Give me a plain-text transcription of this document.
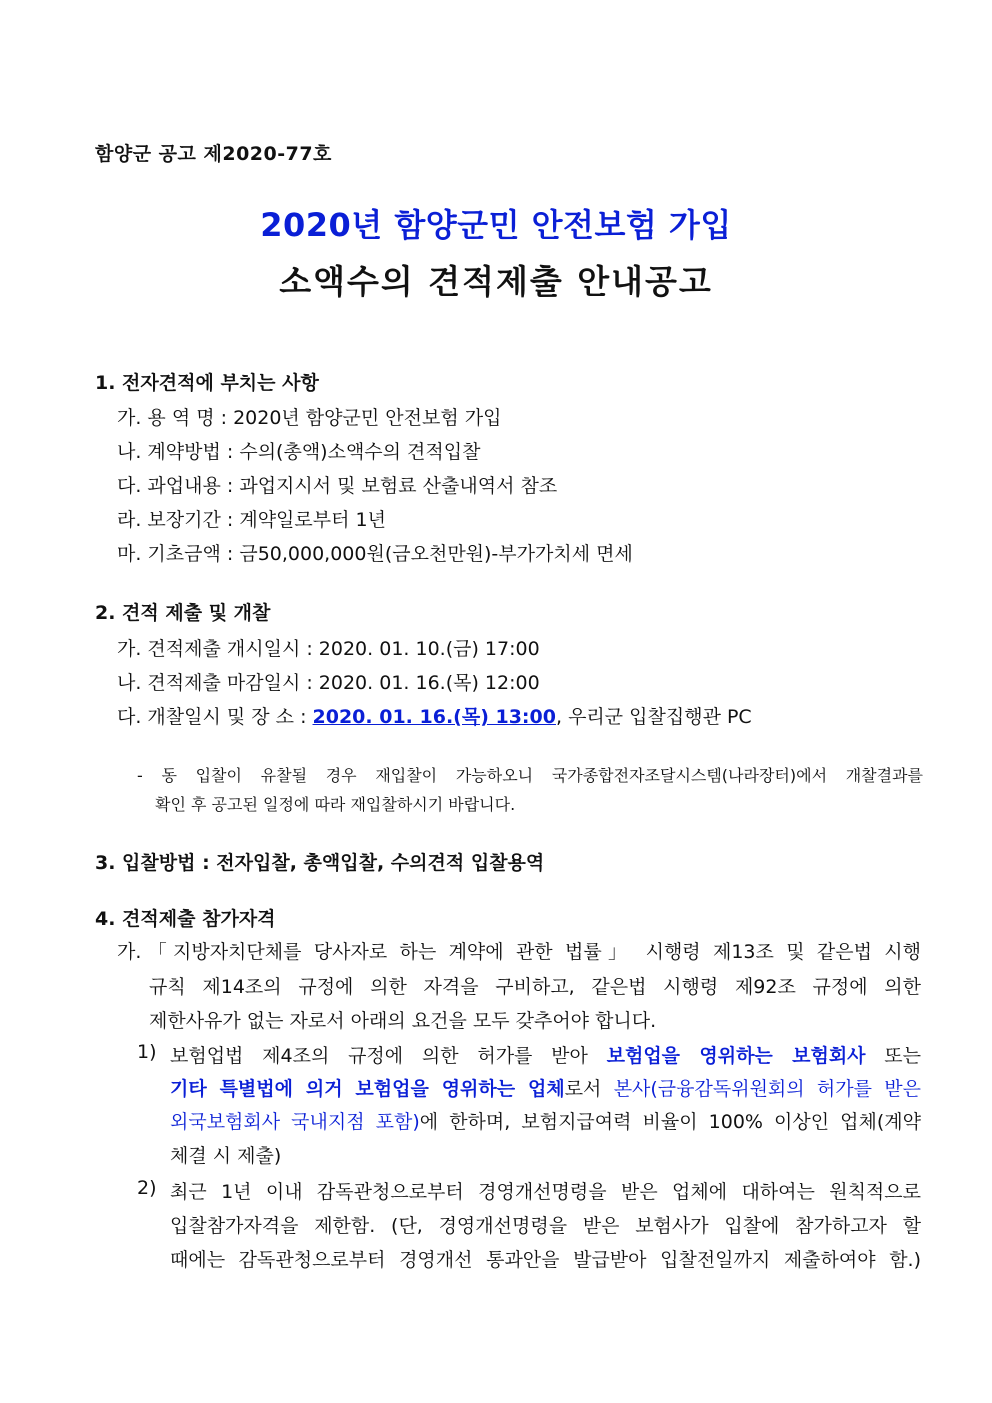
함양군 공고 제2020-77호
2020년 함양군민 안전보험 가입
소액수의 견적제출 안내공고
1. 전자견적에 부치는 사항
가. 용 역 명 : 2020년 함양군민 안전보험 가입
나. 계약방법 : 수의(총액)소액수의 견적입찰
다. 과업내용 : 과업지시서 및 보험료 산출내역서 참조
라. 보장기간 : 계약일로부터 1년
마. 기초금액 : 금50,000,000원(금오천만원)-부가가치세 면세
2. 견적 제출 및 개찰
가. 견적제출 개시일시 : 2020. 01. 10.(금) 17:00
나. 견적제출 마감일시 : 2020. 01. 16.(목) 12:00
다. 개찰일시 및 장 소 : 2020. 01. 16.(목) 13:00, 우리군 입찰집행관 PC
- 동 입찰이 유찰될 경우 재입찰이 가능하오니 국가종합전자조달시스템(나라장터)에서 개찰결과를
확인 후 공고된 일정에 따라 재입찰하시기 바랍니다.
3. 입찰방법 : 전자입찰, 총액입찰, 수의견적 입찰용역
4. 견적제출 참가자격
가.「지방자치단체를 당사자로 하는 계약에 관한 법률」 시행령 제13조 및 같은법 시행
규칙 제14조의 규정에 의한 자격을 구비하고, 같은법 시행령 제92조 규정에 의한
제한사유가 없는 자로서 아래의 요건을 모두 갖추어야 합니다.
1) 보험업법 제4조의 규정에 의한 허가를 받아 보험업을 영위하는 보험회사 또는
기타 특별법에 의거 보험업을 영위하는 업체로서 본사(금융감독위원회의 허가를 받은
외국보험회사 국내지점 포함)에 한하며, 보험지급여력 비율이 100% 이상인 업체(계약
체결 시 제출)
2) 최근 1년 이내 감독관청으로부터 경영개선명령을 받은 업체에 대하여는 원칙적으로
입찰참가자격을 제한함. (단, 경영개선명령을 받은 보험사가 입찰에 참가하고자 할
때에는 감독관청으로부터 경영개선 통과안을 발급받아 입찰전일까지 제출하여야 함.)
